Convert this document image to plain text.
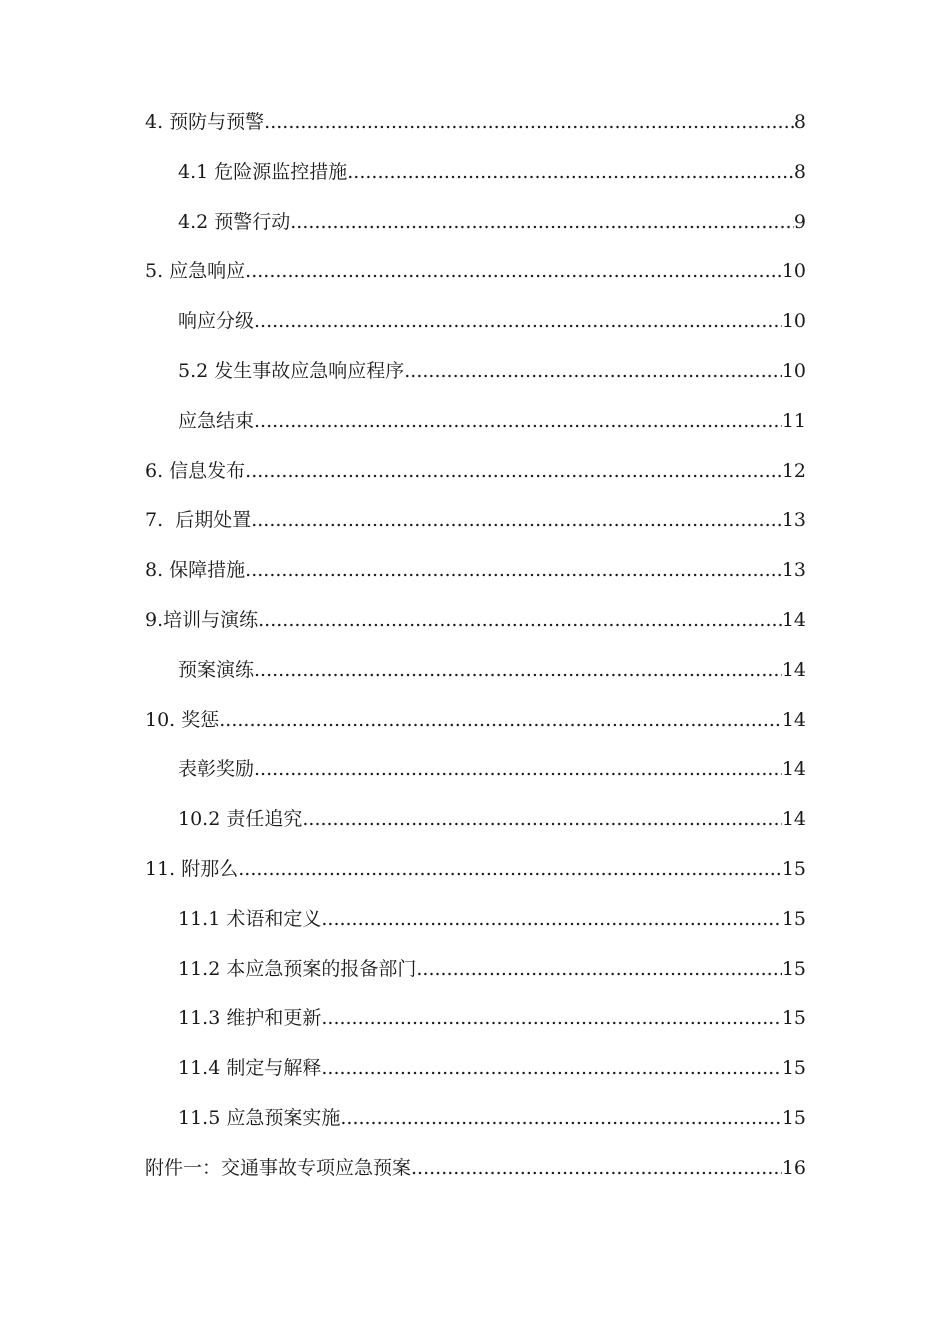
4. 预防与预警 .....	8
4.1 危险源监控措施 .....	8
4.2 预警行动 .....	9
5. 应急响应 .....	10
响应分级 .....	10
5.2 发生事故应急响应程序 .....	10
应急结束 .....	11
6. 信息发布 .....	12
7.  后期处置 .....	13
8. 保障措施 .....	13
9.培训与演练 .....	14
预案演练 .....	14
10. 奖惩 .....	14
表彰奖励 .....	14
10.2 责任追究 .....	14
11. 附那么 .....	15
11.1 术语和定义 .....	15
11.2 本应急预案的报备部门 .....	15
11.3 维护和更新 .....	15
11.4 制定与解释 .....	15
11.5 应急预案实施 .....	15
附件一：交通事故专项应急预案 .....	16
